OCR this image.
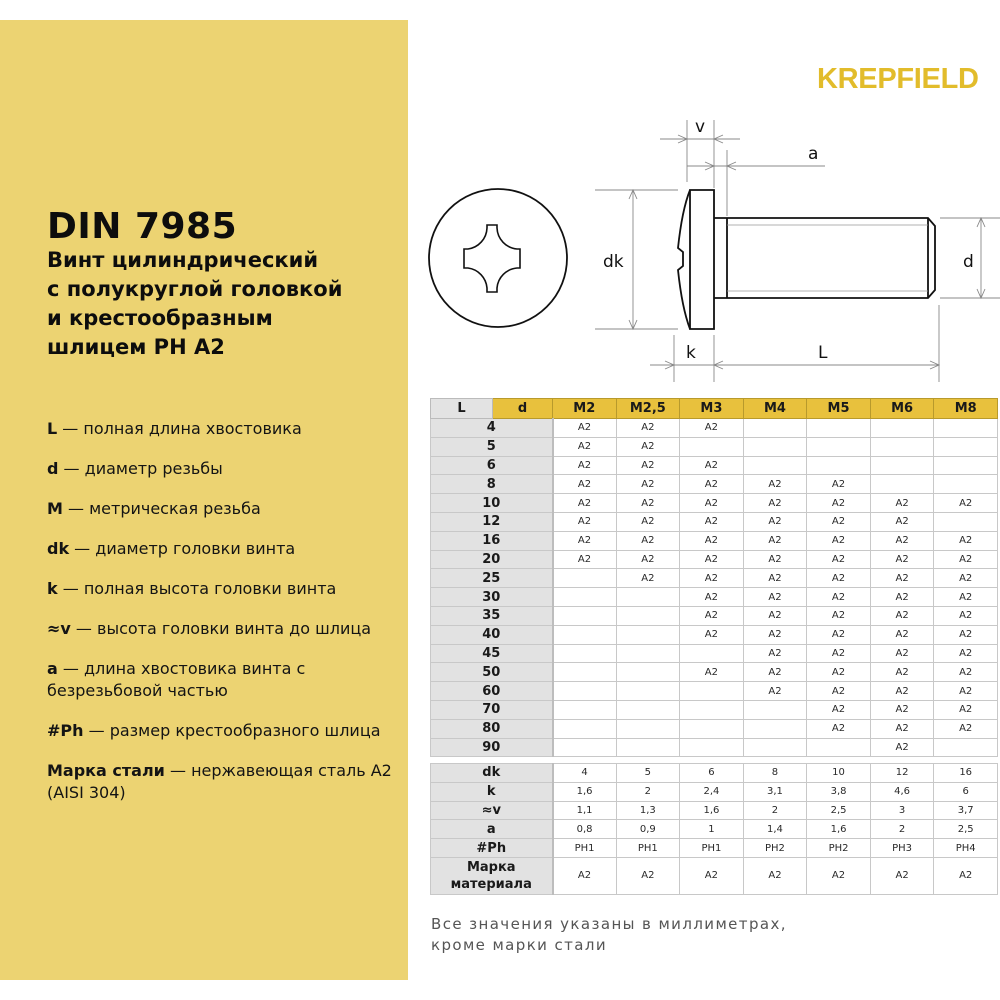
DIN 7985
Винт цилиндрический
с полукруглой головкой
и крестообразным
шлицем PH A2
L — полная длина хвостовика
d — диаметр резьбы
M — метрическая резьба
dk — диаметр головки винта
k — полная высота головки винта
≈v — высота головки винта до шлица
a — длина хвостовика винта с безрезьбовой частью
#Ph — размер крестообразного шлица
Марка стали — нержавеющая сталь A2 (AISI 304)
KREPFIELD
v
a
dk	d
k	L
L	d	M2	M2,5	M3	M4	M5	M6	M8
4		A2	A2	A2				
5		A2	A2					
6		A2	A2	A2				
8		A2	A2	A2	A2	A2		
10		A2	A2	A2	A2	A2	A2	A2
12		A2	A2	A2	A2	A2	A2	
16		A2	A2	A2	A2	A2	A2	A2
20		A2	A2	A2	A2	A2	A2	A2
25			A2	A2	A2	A2	A2	A2
30				A2	A2	A2	A2	A2
35				A2	A2	A2	A2	A2
40				A2	A2	A2	A2	A2
45					A2	A2	A2	A2
50				A2	A2	A2	A2	A2
60					A2	A2	A2	A2
70						A2	A2	A2
80						A2	A2	A2
90							A2	
dk	4	5	6	8	10	12	16
k	1,6	2	2,4	3,1	3,8	4,6	6
≈v	1,1	1,3	1,6	2	2,5	3	3,7
a	0,8	0,9	1	1,4	1,6	2	2,5
#Ph	PH1	PH1	PH1	PH2	PH2	PH3	PH4
Марка материала	A2	A2	A2	A2	A2	A2	A2
Все значения указаны в миллиметрах,
кроме марки стали
